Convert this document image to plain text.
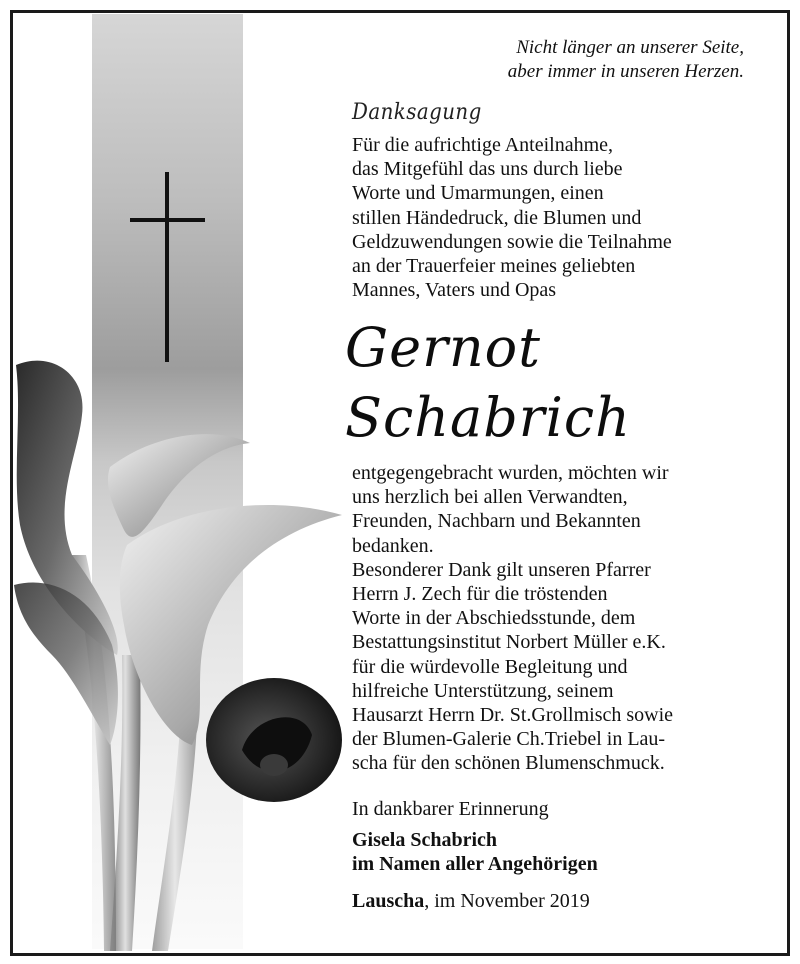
Nicht länger an unserer Seite,
aber immer in unseren Herzen.
Danksagung
Für die aufrichtige Anteilnahme,
das Mitgefühl das uns durch liebe
Worte und Umarmungen, einen
stillen Händedruck, die Blumen und
Geldzuwendungen sowie die Teilnahme
an der Trauerfeier meines geliebten
Mannes, Vaters und Opas
Gernot
Schabrich
entgegengebracht wurden, möchten wir
uns herzlich bei allen Verwandten,
Freunden, Nachbarn und Bekannten
bedanken.
Besonderer Dank gilt unseren Pfarrer
Herrn J. Zech für die tröstenden
Worte in der Abschiedsstunde, dem
Bestattungsinstitut Norbert Müller e.K.
für die würdevolle Begleitung und
hilfreiche Unterstützung, seinem
Hausarzt Herrn Dr. St.Grollmisch sowie
der Blumen-Galerie Ch.Triebel in Lau-
scha für den schönen Blumenschmuck.
In dankbarer Erinnerung
Gisela Schabrich
im Namen aller Angehörigen
Lauscha, im November 2019
